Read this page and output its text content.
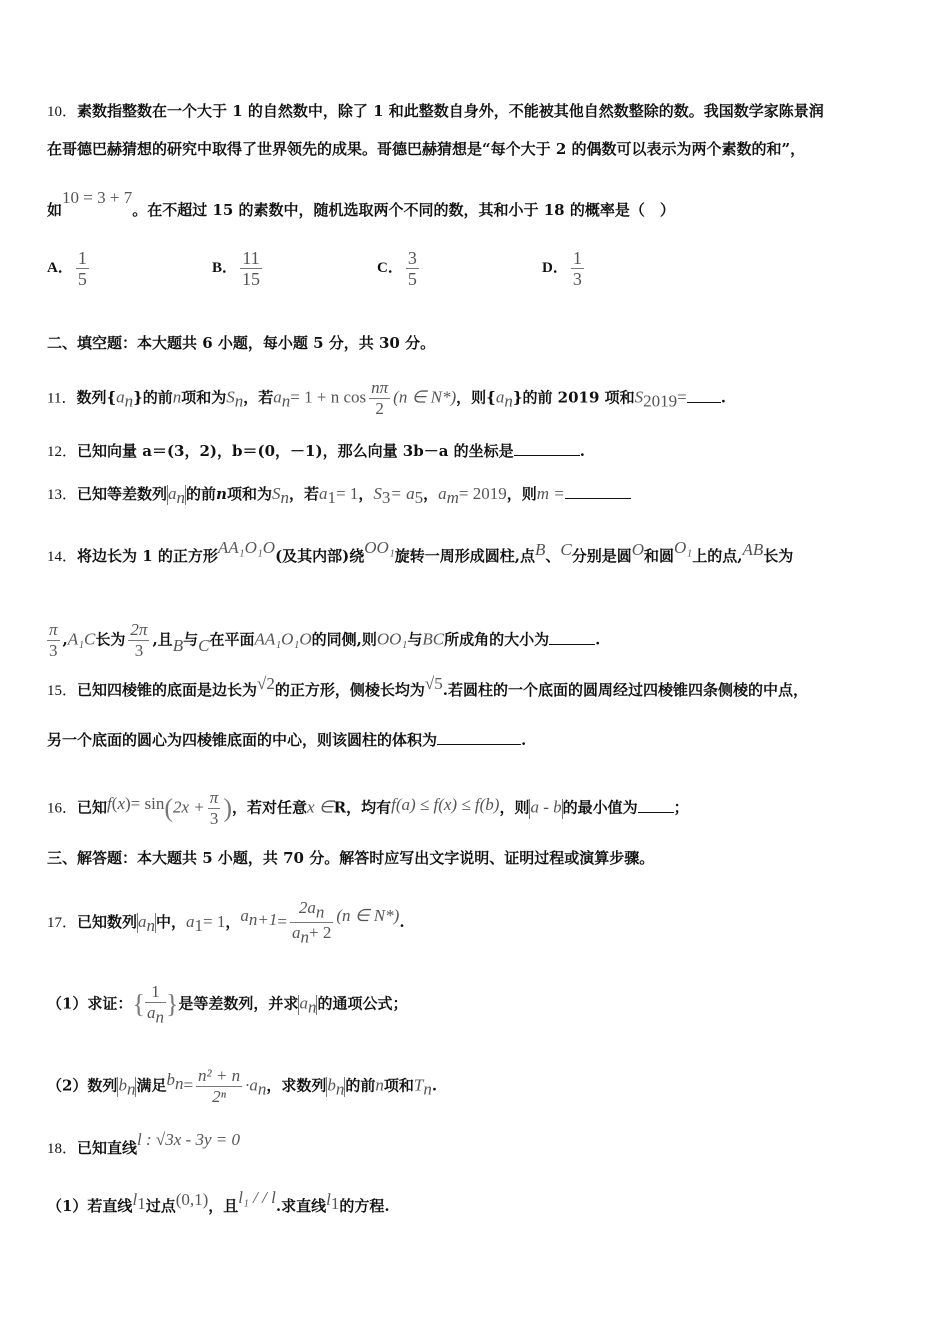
10．素数指整数在一个大于 1 的自然数中，除了 1 和此整数自身外，不能被其他自然数整除的数。我国数学家陈景润
在哥德巴赫猜想的研究中取得了世界领先的成果。哥德巴赫猜想是“每个大于 2 的偶数可以表示为两个素数的和”，
如10 = 3 + 7。在不超过 15 的素数中，随机选取两个不同的数，其和小于 18 的概率是（　）
A． $\frac{1}{5}$	B． $\frac{11}{15}$	C． $\frac{3}{5}$	D． $\frac{1}{3}$
二、填空题：本大题共 6 小题，每小题 5 分，共 30 分。
11．数列$\{a_n\}$的前n项和为$S_n$，若$a_n= 1 + n$ $\cos \frac{n\pi}{2} (n$ ∈ N*)，则$\{a_n\}$的前 2019 项和$S_{2019}=$ .
12．已知向量 a＝(3，2)，b＝(0，－1)，那么向量 3b－a 的坐标是	.
13．已知等差数列$a_n$的前n项和为$S_n$，若$a_1= 1$，$S_3= a_5$，$a_m= 2019$，则m =
14．将边长为 1 的正方形AA₁O₁O(及其内部)绕OO₁旋转一周形成圆柱,点B、C分别是圆O和圆O₁上的点,AB长为
$\frac{\pi}{3} ,A_1C$长为 $\frac{2\pi}{3}$ ,且B与C在平面AA₁O₁O的同侧,则OO₁与BC所成角的大小为	.
15．已知四棱锥的底面是边长为√2的正方形，侧棱长均为√5.若圆柱的一个底面的圆周经过四棱锥四条侧棱的中点，
另一个底面的圆心为四棱锥底面的中心，则该圆柱的体积为	.
16．已知$f(x)= \sin(2x + \frac{\pi}{3}$ )，若对任意x ∈R，均有f(a) ≤ f(x) ≤ f(b)，则a - b的最小值为 ；
三、解答题：本大题共 5 小题，共 70 分。解答时应写出文字说明、证明过程或演算步骤。
17．已知数列$a_n$中，$a_1= 1$，$a_{n+1}= \frac{2a_n}{a_n+ 2} (n$ ∈ N*).
（1）求证：{ $\frac{1}{a_n}$ }是等差数列，并求$a_n$的通项公式；
（2）数列$b_n$满足$b_n= \frac{\text{n² + n}}{\text{2ⁿ}} \cdot a_n$，求数列$b_n$的前n项和$T_n$.
18．已知直线l : √3x - 3y = 0
（1）若直线$l_1$过点(0,1)，且l₁ / / l.求直线$l_1$的方程.
